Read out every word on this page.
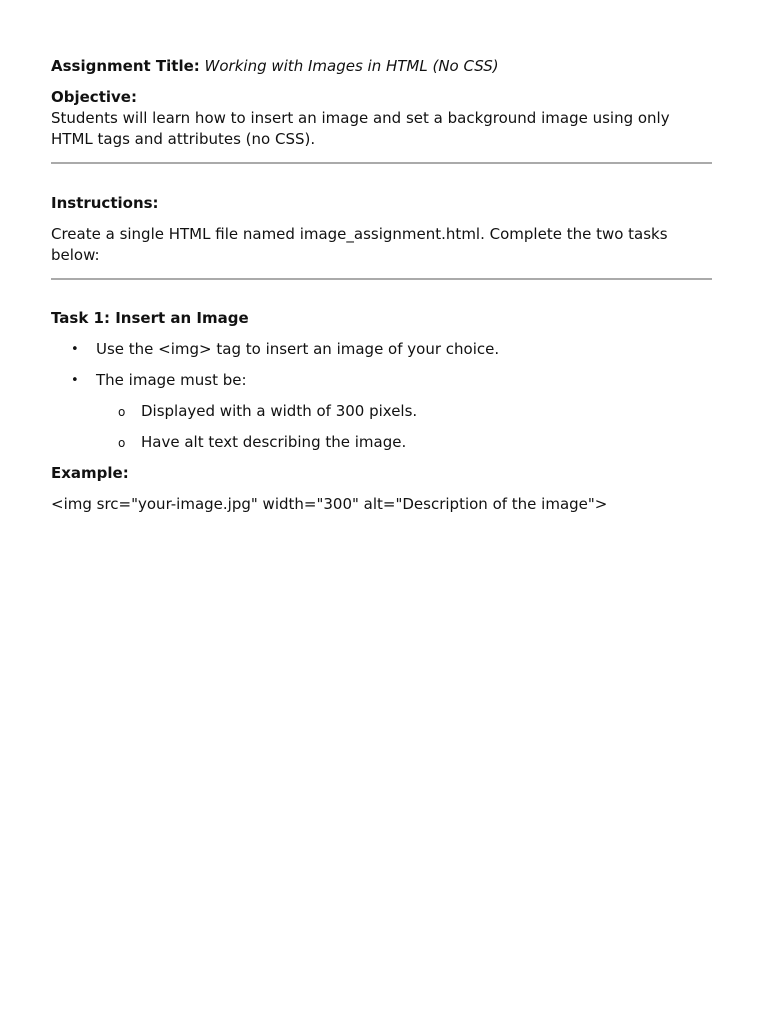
Assignment Title: Working with Images in HTML (No CSS)

Objective:

Students will learn how to insert an image and set a background image using only

HTML tags and attributes (no CSS).

Instructions:

Create a single HTML file named image_assignment.html. Complete the two tasks

below:

Task 1: Insert an Image

• Use the <img> tag to insert an image of your choice.
• The image must be:
o Displayed with a width of 300 pixels.
o Have alt text describing the image.

Example:

<img src="your-image.jpg" width="300" alt="Description of the image">
